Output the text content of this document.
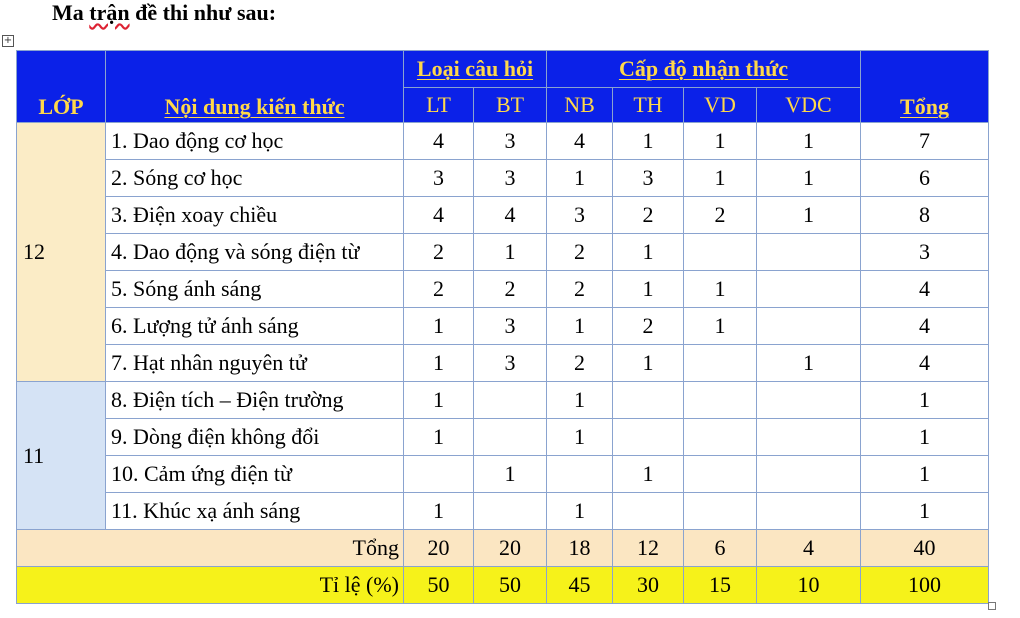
Ma trận đề thi như sau:
+
LỚP	Nội dung kiến thức	Loại câu hỏi		Cấp độ nhận thức				Tổng
		LT	BT	NB	TH	VD	VDC	
12	1. Dao động cơ học	4	3	4	1	1	1	7
	2. Sóng cơ học	3	3	1	3	1	1	6
	3. Điện xoay chiều	4	4	3	2	2	1	8
	4. Dao động và sóng điện từ	2	1	2	1			3
	5. Sóng ánh sáng	2	2	2	1	1		4
	6. Lượng tử ánh sáng	1	3	1	2	1		4
	7. Hạt nhân nguyên tử	1	3	2	1		1	4
11	8. Điện tích – Điện trường	1		1				1
	9. Dòng điện không đổi	1		1				1
	10. Cảm ứng điện từ		1		1			1
	11. Khúc xạ ánh sáng	1		1				1
Tổng		20	20	18	12	6	4	40
Tỉ lệ (%)		50	50	45	30	15	10	100
